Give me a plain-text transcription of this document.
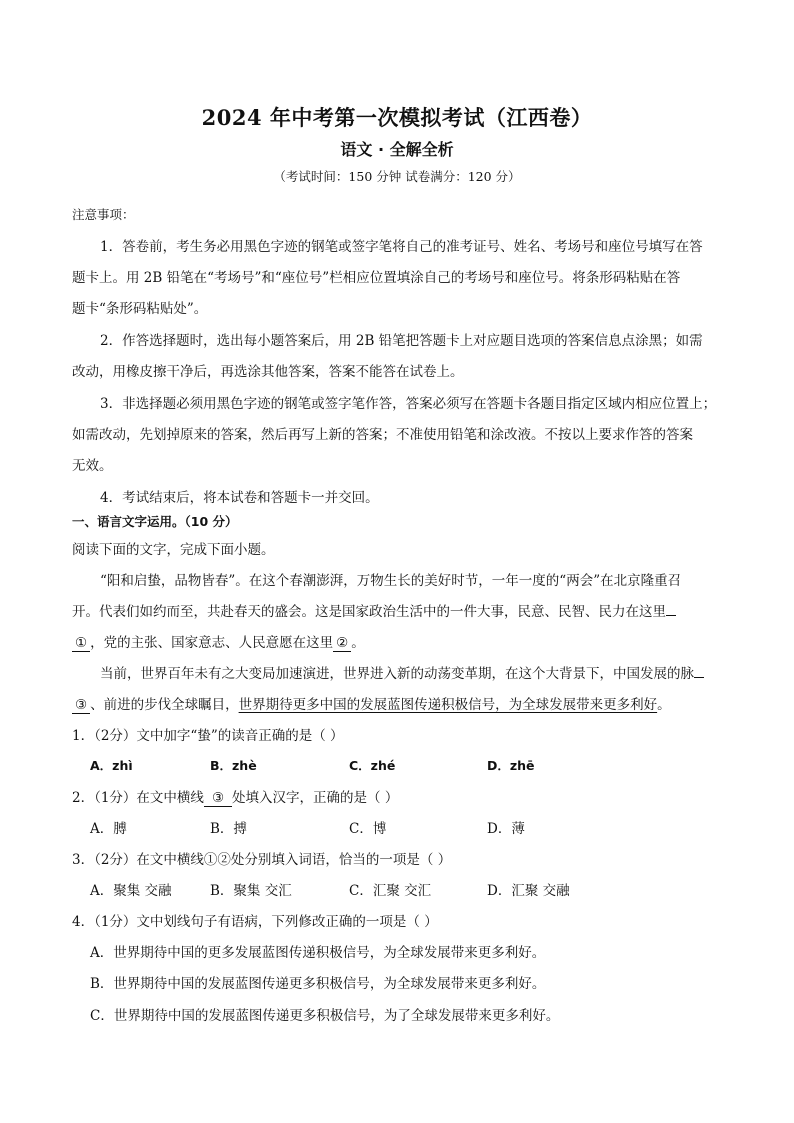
2024 年中考第一次模拟考试（江西卷）
语文 · 全解全析
（考试时间：150 分钟 试卷满分：120 分）
注意事项：
1．答卷前，考生务必用黑色字迹的钢笔或签字笔将自己的准考证号、姓名、考场号和座位号填写在答
题卡上。用 2B 铅笔在“考场号”和“座位号”栏相应位置填涂自己的考场号和座位号。将条形码粘贴在答
题卡“条形码粘贴处”。
2．作答选择题时，选出每小题答案后，用 2B 铅笔把答题卡上对应题目选项的答案信息点涂黑；如需
改动，用橡皮擦干净后，再选涂其他答案，答案不能答在试卷上。
3．非选择题必须用黑色字迹的钢笔或签字笔作答，答案必须写在答题卡各题目指定区域内相应位置上；
如需改动，先划掉原来的答案，然后再写上新的答案；不准使用铅笔和涂改液。不按以上要求作答的答案
无效。
4．考试结束后，将本试卷和答题卡一并交回。
一、语言文字运用。（10 分）
阅读下面的文字，完成下面小题。
“阳和启蛰，品物皆春”。在这个春潮澎湃，万物生长的美好时节，一年一度的“两会”在北京隆重召
开。代表们如约而至，共赴春天的盛会。这是国家政治生活中的一件大事，民意、民智、民力在这里
① ，党的主张、国家意志、人民意愿在这里 ② 。
当前，世界百年未有之大变局加速演进，世界进入新的动荡变革期，在这个大背景下，中国发展的脉
③ 、前进的步伐全球瞩目，世界期待更多中国的发展蓝图传递积极信号，为全球发展带来更多利好。
1．（2分）文中加字“蛰”的读音正确的是（ ）
A．zhì	B．zhè	C．zhé	D．zhē
2．（1分）在文中横线 ③ 处填入汉字，正确的是（ ）
A．膊	B．搏	C．博	D．薄
3．（2分）在文中横线①②处分别填入词语，恰当的一项是（ ）
A．聚集 交融	B．聚集 交汇	C．汇聚 交汇	D．汇聚 交融
4．（1分）文中划线句子有语病，下列修改正确的一项是（ ）
A．世界期待中国的更多发展蓝图传递积极信号，为全球发展带来更多利好。
B．世界期待中国的发展蓝图传递更多积极信号，为全球发展带来更多利好。
C．世界期待中国的发展蓝图传递更多积极信号，为了全球发展带来更多利好。
